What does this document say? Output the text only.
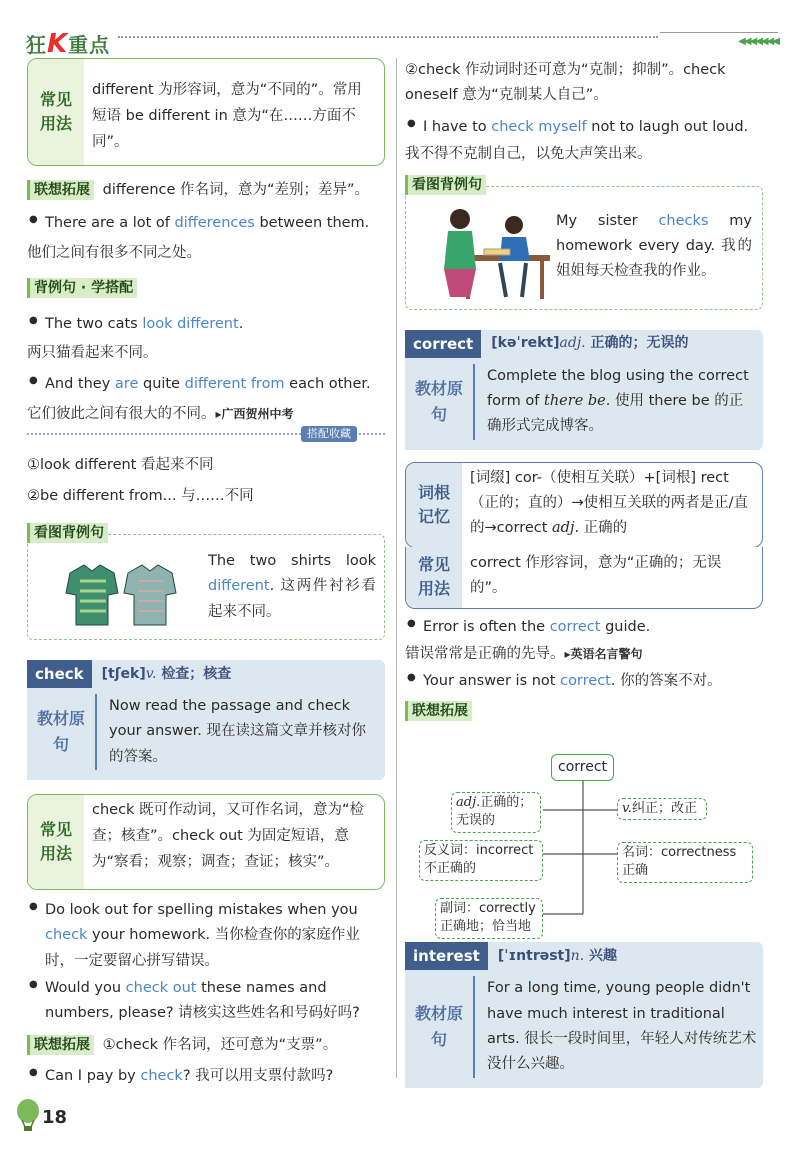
狂K重点	◀◀◀◀◀◀◀
常见用法
different 为形容词，意为“不同的”。常用短语 be different in 意为“在……方面不同”。
联想拓展 difference 作名词，意为“差别；差异”。
● There are a lot of differences between them.
他们之间有很多不同之处。
背例句 · 学搭配
● The two cats look different.
两只猫看起来不同。
● And they are quite different from each other.
它们彼此之间有很大的不同。▸广西贺州中考
搭配收藏
①look different 看起来不同
②be different from... 与……不同
看图背例句
The two shirts look different. 这两件衬衫看起来不同。
check	[tʃek]v. 检查；核查
教材原句
Now read the passage and check your answer. 现在读这篇文章并核对你的答案。
常见用法
check 既可作动词，又可作名词，意为“检查；核查”。check out 为固定短语，意为“察看；观察；调查；查证；核实”。
● Do look out for spelling mistakes when you check your homework. 当你检查你的家庭作业时，一定要留心拼写错误。
● Would you check out these names and numbers, please? 请核实这些姓名和号码好吗?
联想拓展 ①check 作名词，还可意为“支票”。
● Can I pay by check? 我可以用支票付款吗?
②check 作动词时还可意为“克制；抑制”。check oneself 意为“克制某人自己”。
● I have to check myself not to laugh out loud.
我不得不克制自己，以免大声笑出来。
看图背例句
My sister checks my homework every day. 我的姐姐每天检查我的作业。
correct	[kəˈrekt]adj. 正确的；无误的
教材原句
Complete the blog using the correct form of there be. 使用 there be 的正确形式完成博客。
词根记忆
[词缀] cor-（使相互关联）+[词根] rect（正的；直的）→使相互关联的两者是正/直的→correct adj. 正确的
常见用法
correct 作形容词，意为“正确的；无误的”。
● Error is often the correct guide.
错误常常是正确的先导。▸英语名言警句
● Your answer is not correct. 你的答案不对。
联想拓展
correct
adj.正确的；无误的
v.纠正；改正
反义词：incorrect 不正确的
名词：correctness 正确
副词：correctly 正确地；恰当地
interest	[ˈɪntrəst]n. 兴趣
教材原句
For a long time, young people didn't have much interest in traditional arts. 很长一段时间里，年轻人对传统艺术没什么兴趣。
18
